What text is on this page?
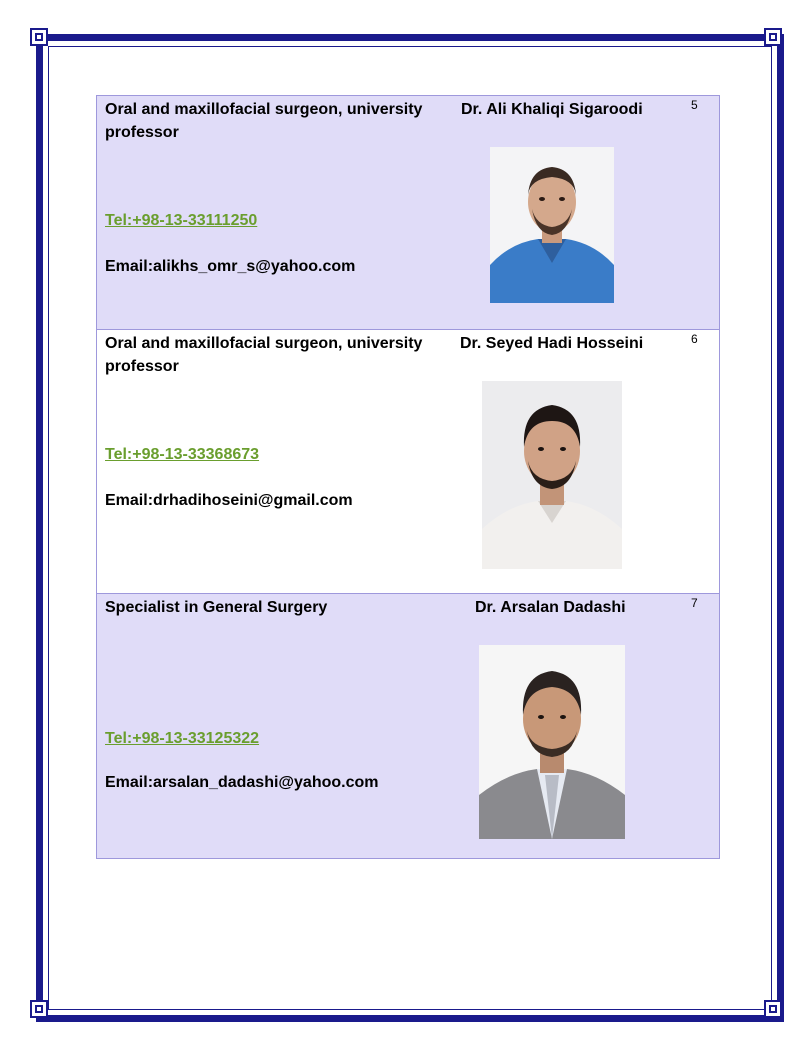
Oral and maxillofacial surgeon, university professor
Tel:+98-13-33111250
Email:alikhs_omr_s@yahoo.com
Dr. Ali Khaliqi Sigaroodi	5
Oral and maxillofacial surgeon, university professor
Tel:+98-13-33368673
Email:drhadihoseini@gmail.com
Dr. Seyed Hadi Hosseini	6
Specialist in General Surgery
Tel:+98-13-33125322
Email:arsalan_dadashi@yahoo.com
Dr. Arsalan Dadashi	7
